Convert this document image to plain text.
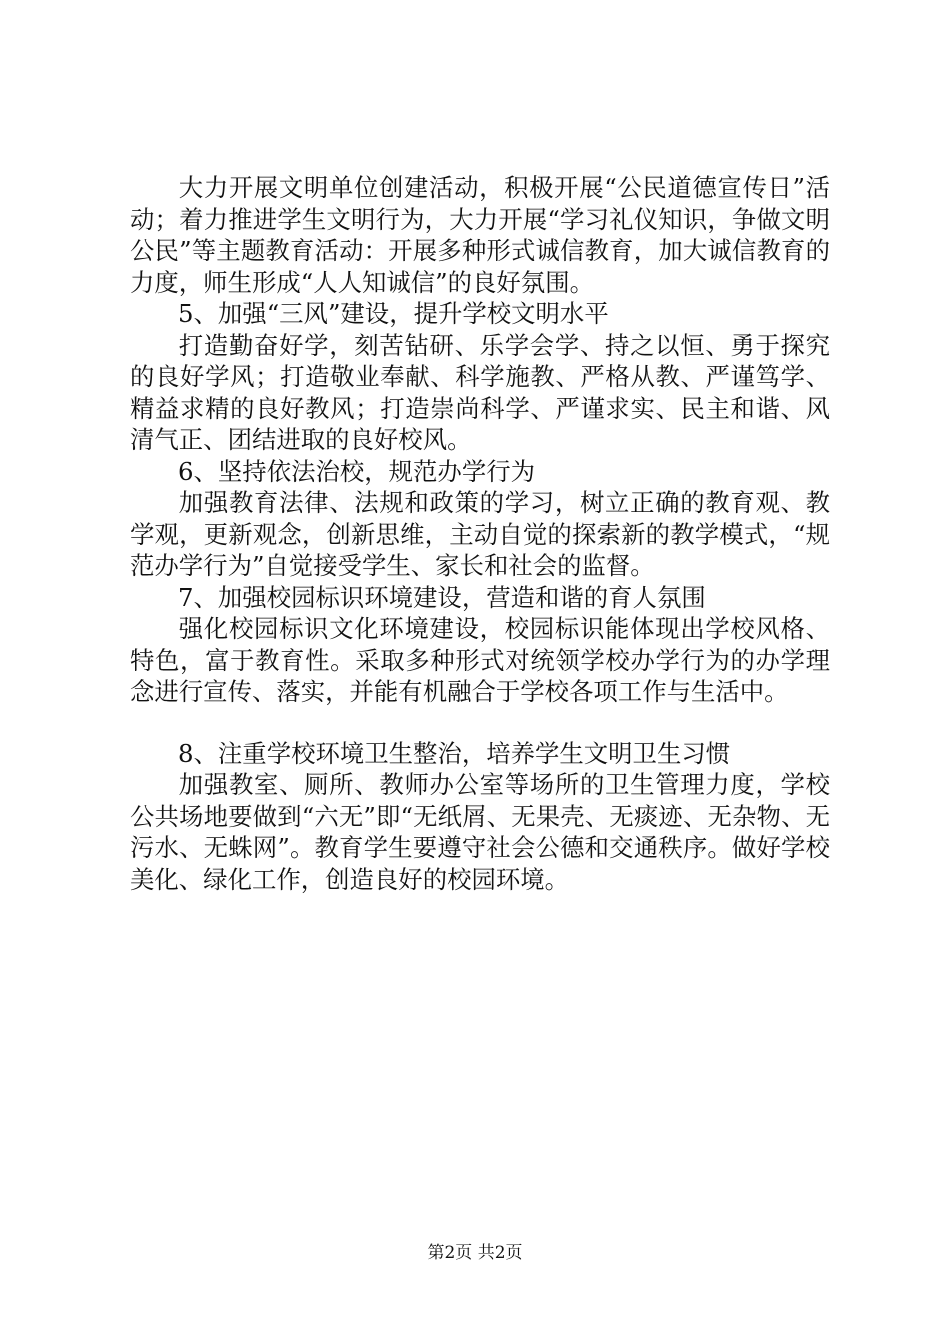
大力开展文明单位创建活动，积极开展“公民道德宣传日”活动；着力推进学生文明行为，大力开展“学习礼仪知识，争做文明公民”等主题教育活动：开展多种形式诚信教育，加大诚信教育的力度，师生形成“人人知诚信”的良好氛围。

5、加强“三风”建设，提升学校文明水平

打造勤奋好学，刻苦钻研、乐学会学、持之以恒、勇于探究的良好学风；打造敬业奉献、科学施教、严格从教、严谨笃学、精益求精的良好教风；打造崇尚科学、严谨求实、民主和谐、风清气正、团结进取的良好校风。

6、坚持依法治校，规范办学行为

加强教育法律、法规和政策的学习，树立正确的教育观、教学观，更新观念，创新思维，主动自觉的探索新的教学模式，“规范办学行为”自觉接受学生、家长和社会的监督。

7、加强校园标识环境建设，营造和谐的育人氛围

强化校园标识文化环境建设，校园标识能体现出学校风格、特色，富于教育性。采取多种形式对统领学校办学行为的办学理念进行宣传、落实，并能有机融合于学校各项工作与生活中。

8、注重学校环境卫生整治，培养学生文明卫生习惯

加强教室、厕所、教师办公室等场所的卫生管理力度，学校公共场地要做到“六无”即“无纸屑、无果壳、无痰迹、无杂物、无污水、无蛛网”。教育学生要遵守社会公德和交通秩序。做好学校美化、绿化工作，创造良好的校园环境。

第2页 共2页
